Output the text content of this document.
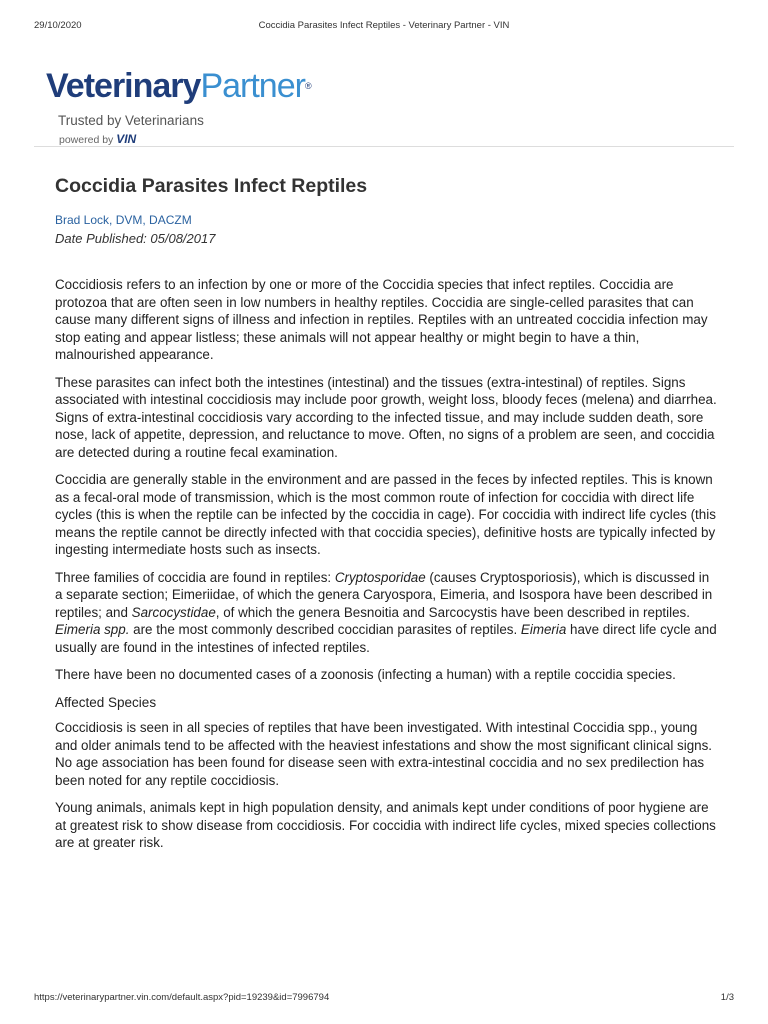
29/10/2020	Coccidia Parasites Infect Reptiles - Veterinary Partner - VIN
VeterinaryPartner®
Trusted by Veterinarians
powered by VIN
Coccidia Parasites Infect Reptiles
Brad Lock, DVM, DACZM
Date Published: 05/08/2017

Coccidiosis refers to an infection by one or more of the Coccidia species that infect reptiles. Coccidia are protozoa that are often seen in low numbers in healthy reptiles. Coccidia are single-celled parasites that can cause many different signs of illness and infection in reptiles. Reptiles with an untreated coccidia infection may stop eating and appear listless; these animals will not appear healthy or might begin to have a thin, malnourished appearance.

These parasites can infect both the intestines (intestinal) and the tissues (extra-intestinal) of reptiles. Signs associated with intestinal coccidiosis may include poor growth, weight loss, bloody feces (melena) and diarrhea. Signs of extra-intestinal coccidiosis vary according to the infected tissue, and may include sudden death, sore nose, lack of appetite, depression, and reluctance to move. Often, no signs of a problem are seen, and coccidia are detected during a routine fecal examination.

Coccidia are generally stable in the environment and are passed in the feces by infected reptiles. This is known as a fecal-oral mode of transmission, which is the most common route of infection for coccidia with direct life cycles (this is when the reptile can be infected by the coccidia in cage). For coccidia with indirect life cycles (this means the reptile cannot be directly infected with that coccidia species), definitive hosts are typically infected by ingesting intermediate hosts such as insects.

Three families of coccidia are found in reptiles: Cryptosporidae (causes Cryptosporiosis), which is discussed in a separate section; Eimeriidae, of which the genera Caryospora, Eimeria, and Isospora have been described in reptiles; and Sarcocystidae, of which the genera Besnoitia and Sarcocystis have been described in reptiles. Eimeria spp. are the most commonly described coccidian parasites of reptiles. Eimeria have direct life cycle and usually are found in the intestines of infected reptiles.

There have been no documented cases of a zoonosis (infecting a human) with a reptile coccidia species.

Affected Species

Coccidiosis is seen in all species of reptiles that have been investigated. With intestinal Coccidia spp., young and older animals tend to be affected with the heaviest infestations and show the most significant clinical signs. No age association has been found for disease seen with extra-intestinal coccidia and no sex predilection has been noted for any reptile coccidiosis.

Young animals, animals kept in high population density, and animals kept under conditions of poor hygiene are at greatest risk to show disease from coccidiosis. For coccidia with indirect life cycles, mixed species collections are at greater risk.

https://veterinarypartner.vin.com/default.aspx?pid=19239&id=7996794	1/3
